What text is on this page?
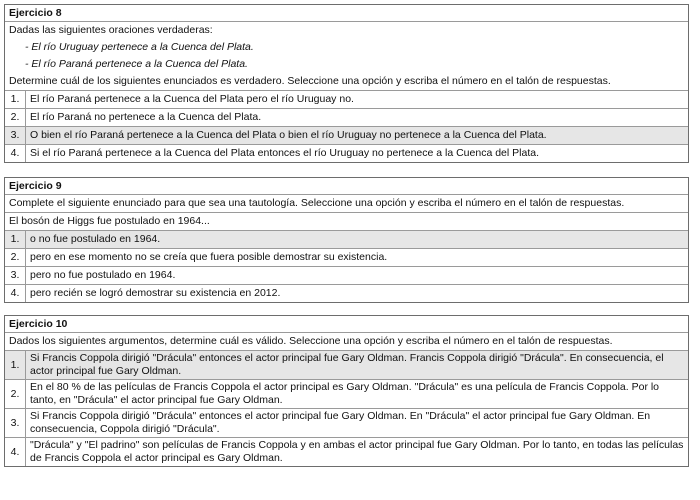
Ejercicio 8
Dadas las siguientes oraciones verdaderas:
- El río Uruguay pertenece a la Cuenca del Plata.
- El río Paraná pertenece a la Cuenca del Plata.
Determine cuál de los siguientes enunciados es verdadero. Seleccione una opción y escriba el número en el talón de respuestas.
1.	El río Paraná pertenece a la Cuenca del Plata pero el río Uruguay no.
2.	El río Paraná no pertenece a la Cuenca del Plata.
3.	O bien el río Paraná pertenece a la Cuenca del Plata o bien el río Uruguay no pertenece a la Cuenca del Plata.
4.	Si el río Paraná pertenece a la Cuenca del Plata entonces el río Uruguay no pertenece a la Cuenca del Plata.
Ejercicio 9
Complete el siguiente enunciado para que sea una tautología. Seleccione una opción y escriba el número en el talón de respuestas.
El bosón de Higgs fue postulado en 1964...
1.	o no fue postulado en 1964.
2.	pero en ese momento no se creía que fuera posible demostrar su existencia.
3.	pero no fue postulado en 1964.
4.	pero recién se logró demostrar su existencia en 2012.
Ejercicio 10
Dados los siguientes argumentos, determine cuál es válido. Seleccione una opción y escriba el número en el talón de respuestas.
1.	Si Francis Coppola dirigió "Drácula" entonces el actor principal fue Gary Oldman. Francis Coppola dirigió "Drácula". En consecuencia, el actor principal fue Gary Oldman.
2.	En el 80 % de las películas de Francis Coppola el actor principal es Gary Oldman. "Drácula" es una película de Francis Coppola. Por lo tanto, en "Drácula" el actor principal fue Gary Oldman.
3.	Si Francis Coppola dirigió "Drácula" entonces el actor principal fue Gary Oldman. En "Drácula" el actor principal fue Gary Oldman. En consecuencia, Coppola dirigió "Drácula".
4.	"Drácula" y "El padrino" son películas de Francis Coppola y en ambas el actor principal fue Gary Oldman. Por lo tanto, en todas las películas de Francis Coppola el actor principal es Gary Oldman.
